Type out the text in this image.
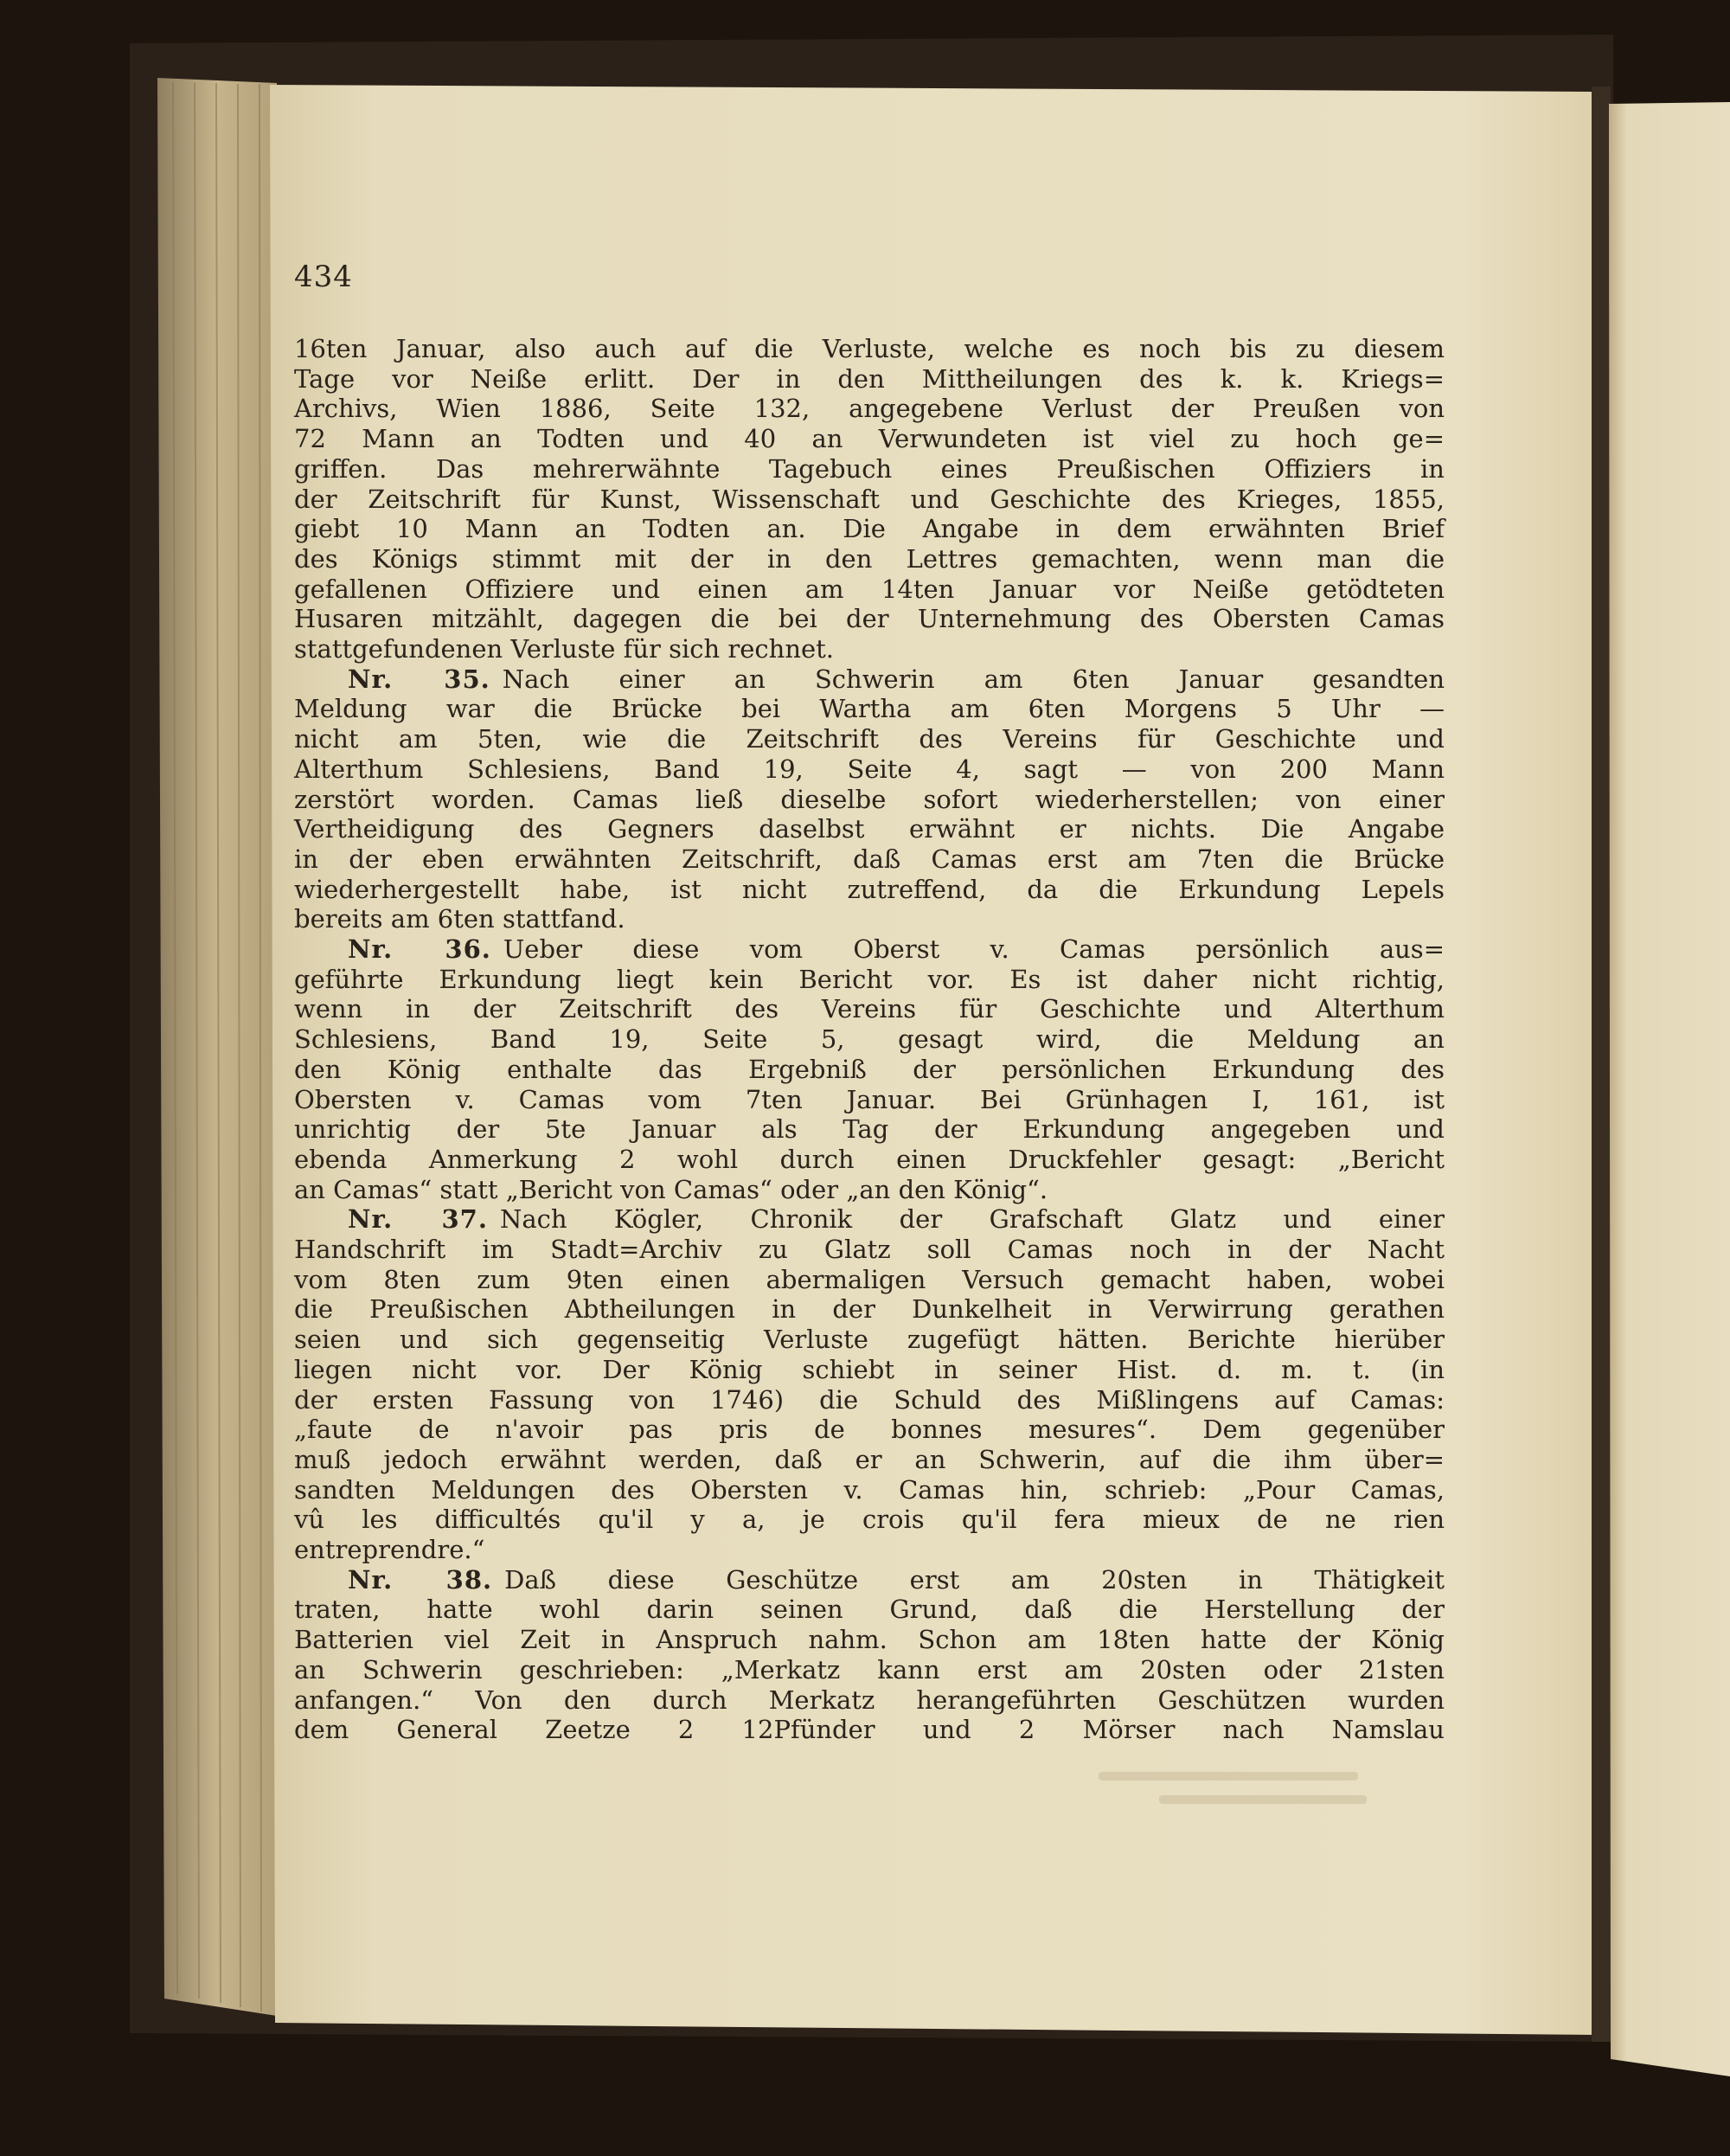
434
16ten Januar, also auch auf die Verluste, welche es noch bis zu diesem
Tage vor Neiße erlitt. Der in den Mittheilungen des k. k. Kriegs=
Archivs, Wien 1886, Seite 132, angegebene Verlust der Preußen von
72 Mann an Todten und 40 an Verwundeten ist viel zu hoch ge=
griffen. Das mehrerwähnte Tagebuch eines Preußischen Offiziers in
der Zeitschrift für Kunst, Wissenschaft und Geschichte des Krieges, 1855,
giebt 10 Mann an Todten an. Die Angabe in dem erwähnten Brief
des Königs stimmt mit der in den Lettres gemachten, wenn man die
gefallenen Offiziere und einen am 14ten Januar vor Neiße getödteten
Husaren mitzählt, dagegen die bei der Unternehmung des Obersten Camas
stattgefundenen Verluste für sich rechnet.
Nr. 35. Nach einer an Schwerin am 6ten Januar gesandten
Meldung war die Brücke bei Wartha am 6ten Morgens 5 Uhr —
nicht am 5ten, wie die Zeitschrift des Vereins für Geschichte und
Alterthum Schlesiens, Band 19, Seite 4, sagt — von 200 Mann
zerstört worden. Camas ließ dieselbe sofort wiederherstellen; von einer
Vertheidigung des Gegners daselbst erwähnt er nichts. Die Angabe
in der eben erwähnten Zeitschrift, daß Camas erst am 7ten die Brücke
wiederhergestellt habe, ist nicht zutreffend, da die Erkundung Lepels
bereits am 6ten stattfand.
Nr. 36. Ueber diese vom Oberst v. Camas persönlich aus=
geführte Erkundung liegt kein Bericht vor. Es ist daher nicht richtig,
wenn in der Zeitschrift des Vereins für Geschichte und Alterthum
Schlesiens, Band 19, Seite 5, gesagt wird, die Meldung an
den König enthalte das Ergebniß der persönlichen Erkundung des
Obersten v. Camas vom 7ten Januar. Bei Grünhagen I, 161, ist
unrichtig der 5te Januar als Tag der Erkundung angegeben und
ebenda Anmerkung 2 wohl durch einen Druckfehler gesagt: „Bericht
an Camas“ statt „Bericht von Camas“ oder „an den König“.
Nr. 37. Nach Kögler, Chronik der Grafschaft Glatz und einer
Handschrift im Stadt=Archiv zu Glatz soll Camas noch in der Nacht
vom 8ten zum 9ten einen abermaligen Versuch gemacht haben, wobei
die Preußischen Abtheilungen in der Dunkelheit in Verwirrung gerathen
seien und sich gegenseitig Verluste zugefügt hätten. Berichte hierüber
liegen nicht vor. Der König schiebt in seiner Hist. d. m. t. (in
der ersten Fassung von 1746) die Schuld des Mißlingens auf Camas:
„faute de n'avoir pas pris de bonnes mesures“. Dem gegenüber
muß jedoch erwähnt werden, daß er an Schwerin, auf die ihm über=
sandten Meldungen des Obersten v. Camas hin, schrieb: „Pour Camas,
vû les difficultés qu'il y a, je crois qu'il fera mieux de ne rien
entreprendre.“
Nr. 38. Daß diese Geschütze erst am 20sten in Thätigkeit
traten, hatte wohl darin seinen Grund, daß die Herstellung der
Batterien viel Zeit in Anspruch nahm. Schon am 18ten hatte der König
an Schwerin geschrieben: „Merkatz kann erst am 20sten oder 21sten
anfangen.“ Von den durch Merkatz herangeführten Geschützen wurden
dem General Zeetze 2 12Pfünder und 2 Mörser nach Namslau
